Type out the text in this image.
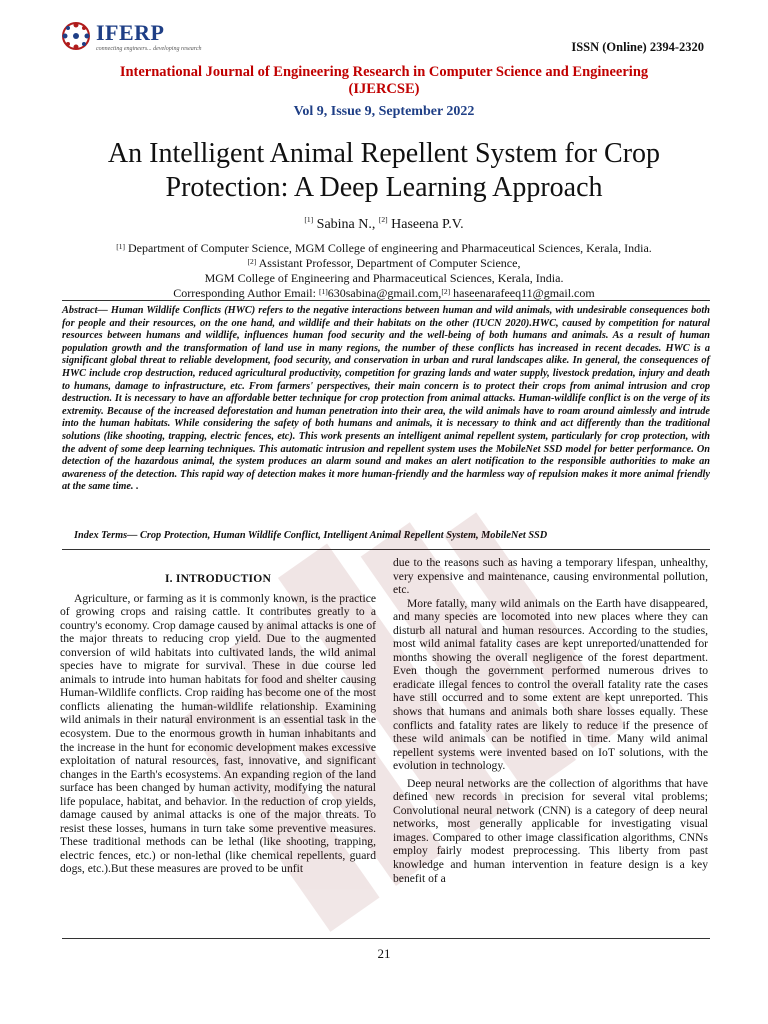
IFERP
connecting engineers... developing research	ISSN (Online) 2394-2320
International Journal of Engineering Research in Computer Science and Engineering
(IJERCSE)
Vol 9, Issue 9, September 2022
An Intelligent Animal Repellent System for Crop
Protection: A Deep Learning Approach
[1] Sabina N., [2] Haseena P.V.
[1] Department of Computer Science, MGM College of engineering and Pharmaceutical Sciences, Kerala, India.
[2] Assistant Professor, Department of Computer Science,
MGM College of Engineering and Pharmaceutical Sciences, Kerala, India.
Corresponding Author Email: [1]630sabina@gmail.com,[2] haseenarafeeq11@gmail.com
Abstract— Human Wildlife Conflicts (HWC) refers to the negative interactions between human and wild animals, with undesirable consequences both for people and their resources, on the one hand, and wildlife and their habitats on the other (IUCN 2020).HWC, caused by competition for natural resources between humans and wildlife, influences human food security and the well-being of both humans and animals. As a result of human population growth and the transformation of land use in many regions, the number of these conflicts has increased in recent decades. HWC is a significant global threat to reliable development, food security, and conservation in urban and rural landscapes alike. In general, the consequences of HWC include crop destruction, reduced agricultural productivity, competition for grazing lands and water supply, livestock predation, injury and death to humans, damage to infrastructure, etc. From farmers' perspectives, their main concern is to protect their crops from animal intrusion and crop destruction. It is necessary to have an affordable better technique for crop protection from animal attacks. Human-wildlife conflict is on the verge of its extremity. Because of the increased deforestation and human penetration into their area, the wild animals have to roam around aimlessly and intrude into the human habitats. While considering the safety of both humans and animals, it is necessary to think and act differently than the traditional solutions (like shooting, trapping, electric fences, etc). This work presents an intelligent animal repellent system, particularly for crop protection, with the advent of some deep learning techniques. This automatic intrusion and repellent system uses the MobileNet SSD model for better performance. On detection of the hazardous animal, the system produces an alarm sound and makes an alert notification to the responsible authorities to make an awareness of the detection. This rapid way of detection makes it more human-friendly and the harmless way of repulsion makes it more animal friendly at the same time. .
Index Terms— Crop Protection, Human Wildlife Conflict, Intelligent Animal Repellent System, MobileNet SSD
I. INTRODUCTION

Agriculture, or farming as it is commonly known, is the practice of growing crops and raising cattle. It contributes greatly to a country's economy. Crop damage caused by animal attacks is one of the major threats to reducing crop yield. Due to the augmented conversion of wild habitats into cultivated lands, the wild animal species have to migrate for survival. These in due course led animals to intrude into human habitats for food and shelter causing Human-Wildlife conflicts. Crop raiding has become one of the most conflicts alienating the human-wildlife relationship. Examining wild animals in their natural environment is an essential task in the ecosystem. Due to the enormous growth in human inhabitants and the increase in the hunt for economic development makes excessive exploitation of natural resources, fast, innovative, and significant changes in the Earth's ecosystems. An expanding region of the land surface has been changed by human activity, modifying the natural life populace, habitat, and behavior. In the reduction of crop yields, damage caused by animal attacks is one of the major threats. To resist these losses, humans in turn take some preventive measures. These traditional methods can be lethal (like shooting, trapping, electric fences, etc.) or non-lethal (like chemical repellents, guard dogs, etc.).But these measures are proved to be unfit

due to the reasons such as having a temporary lifespan, unhealthy, very expensive and maintenance, causing environmental pollution, etc.

More fatally, many wild animals on the Earth have disappeared, and many species are locomoted into new places where they can disturb all natural and human resources. According to the studies, most wild animal fatality cases are kept unreported/unattended for months showing the overall negligence of the forest department. Even though the government performed numerous drives to eradicate illegal fences to control the overall fatality rate the cases have still occurred and to some extent are kept unreported. This shows that humans and animals both share losses equally. These conflicts and fatality rates are likely to reduce if the presence of these wild animals can be notified in time. Many wild animal repellent systems were invented based on IoT solutions, with the evolution in technology.

Deep neural networks are the collection of algorithms that have defined new records in precision for several vital problems; Convolutional neural network (CNN) is a category of deep neural networks, most generally applicable for investigating visual images. Compared to other image classification algorithms, CNNs employ fairly modest preprocessing. This liberty from past knowledge and human intervention in feature design is a key benefit of a

21
